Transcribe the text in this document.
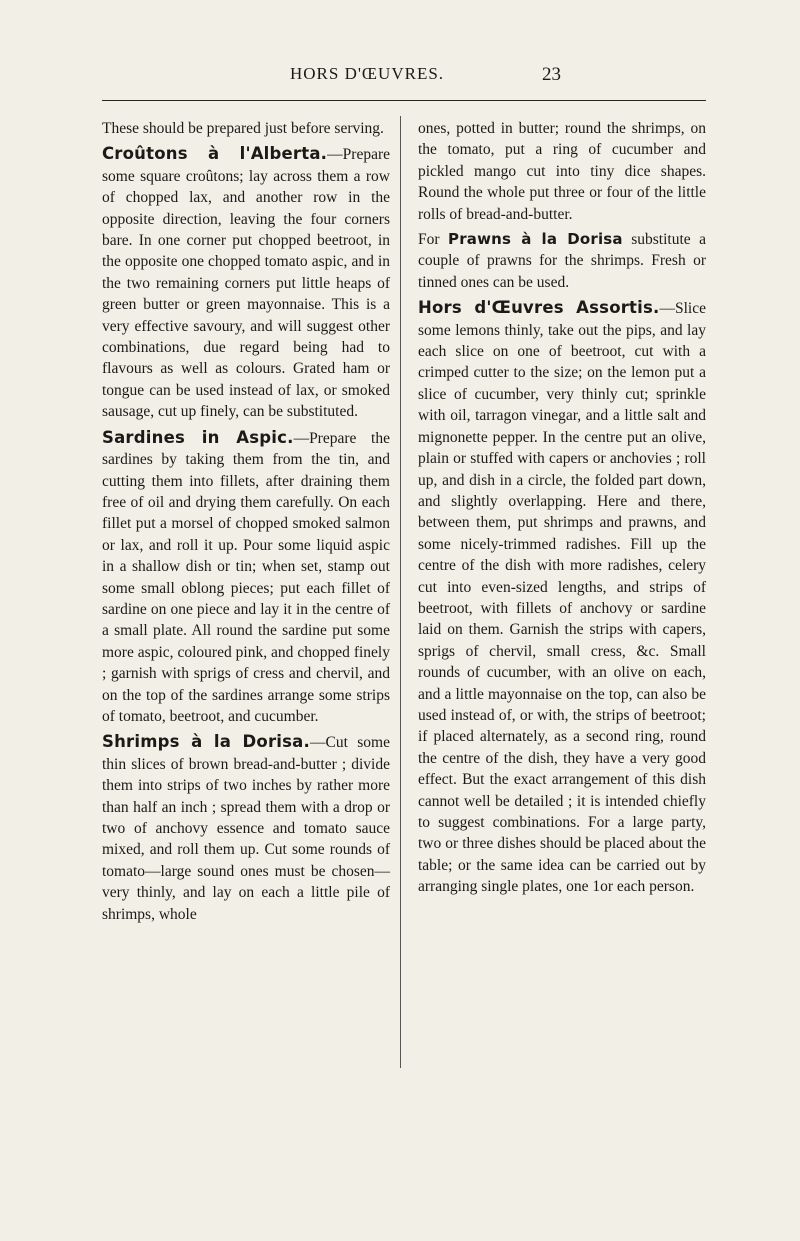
HORS D'ŒUVRES.	23

These should be prepared just before serving.

Croûtons à l'Alberta.—Prepare some square croûtons; lay across them a row of chopped lax, and another row in the opposite direction, leaving the four corners bare. In one corner put chopped beetroot, in the opposite one chopped tomato aspic, and in the two remaining corners put little heaps of green butter or green mayonnaise. This is a very effective savoury, and will suggest other combinations, due regard being had to flavours as well as colours. Grated ham or tongue can be used instead of lax, or smoked sausage, cut up finely, can be substituted.

Sardines in Aspic.—Prepare the sardines by taking them from the tin, and cutting them into fillets, after draining them free of oil and drying them carefully. On each fillet put a morsel of chopped smoked salmon or lax, and roll it up. Pour some liquid aspic in a shallow dish or tin; when set, stamp out some small oblong pieces; put each fillet of sardine on one piece and lay it in the centre of a small plate. All round the sardine put some more aspic, coloured pink, and chopped finely ; garnish with sprigs of cress and chervil, and on the top of the sardines arrange some strips of tomato, beetroot, and cucumber.

Shrimps à la Dorisa.—Cut some thin slices of brown bread-and-butter ; divide them into strips of two inches by rather more than half an inch ; spread them with a drop or two of anchovy essence and tomato sauce mixed, and roll them up. Cut some rounds of tomato—large sound ones must be chosen—very thinly, and lay on each a little pile of shrimps, whole

ones, potted in butter; round the shrimps, on the tomato, put a ring of cucumber and pickled mango cut into tiny dice shapes. Round the whole put three or four of the little rolls of bread-and-butter.

For Prawns à la Dorisa substitute a couple of prawns for the shrimps. Fresh or tinned ones can be used.

Hors d'Œuvres Assortis.—Slice some lemons thinly, take out the pips, and lay each slice on one of beetroot, cut with a crimped cutter to the size; on the lemon put a slice of cucumber, very thinly cut; sprinkle with oil, tarragon vinegar, and a little salt and mignonette pepper. In the centre put an olive, plain or stuffed with capers or anchovies ; roll up, and dish in a circle, the folded part down, and slightly overlapping. Here and there, between them, put shrimps and prawns, and some nicely-trimmed radishes. Fill up the centre of the dish with more radishes, celery cut into even-sized lengths, and strips of beetroot, with fillets of anchovy or sardine laid on them. Garnish the strips with capers, sprigs of chervil, small cress, &c. Small rounds of cucumber, with an olive on each, and a little mayonnaise on the top, can also be used instead of, or with, the strips of beetroot; if placed alternately, as a second ring, round the centre of the dish, they have a very good effect. But the exact arrangement of this dish cannot well be detailed ; it is intended chiefly to suggest combinations. For a large party, two or three dishes should be placed about the table; or the same idea can be carried out by arranging single plates, one 1or each person.
